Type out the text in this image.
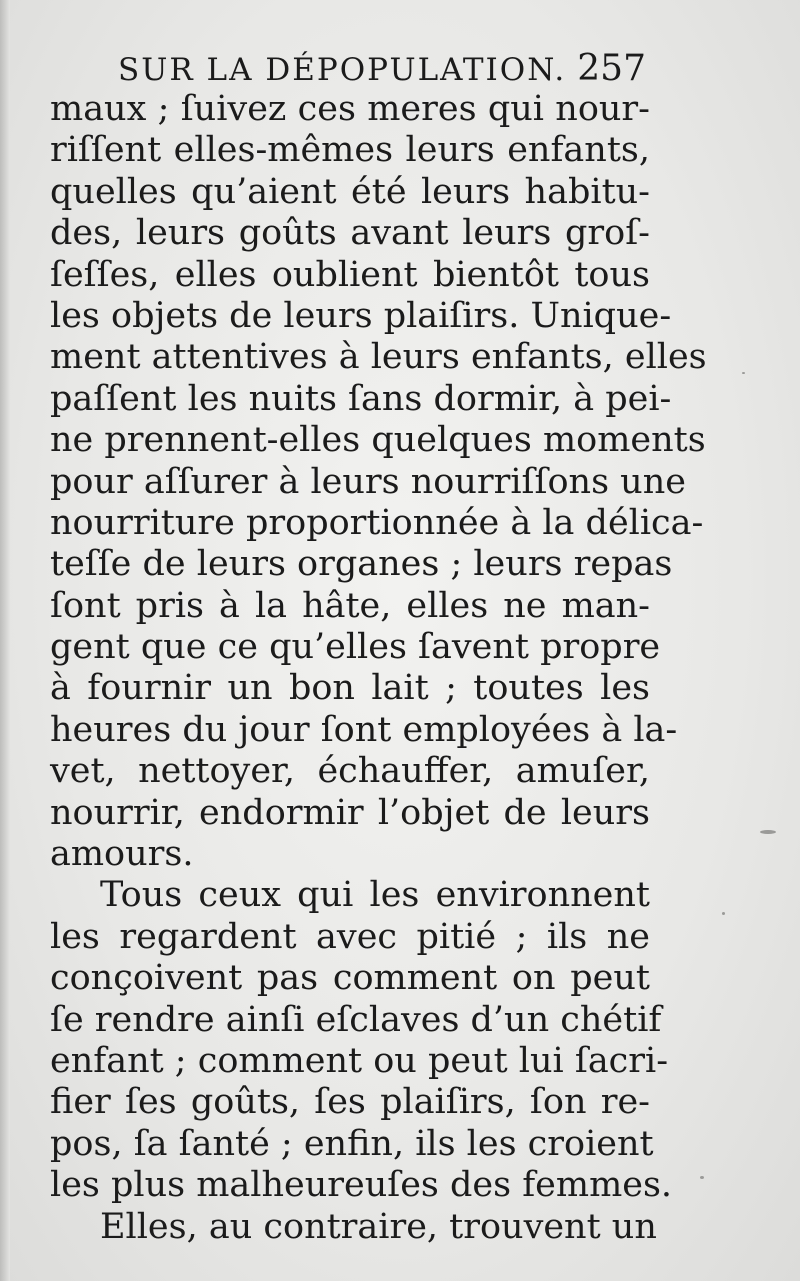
SUR LA DÉPOPULATION. 257
maux ; ſuivez ces meres qui nour-
riſſent elles-mêmes leurs enfants,
quelles qu’aient été leurs habitu-
des, leurs goûts avant leurs groſ-
ſeſſes, elles oublient bientôt tous
les objets de leurs plaiſirs. Unique-
ment attentives à leurs enfants, elles
paſſent les nuits ſans dormir, à pei-
ne prennent-elles quelques moments
pour aſſurer à leurs nourriſſons une
nourriture proportionnée à la délica-
teſſe de leurs organes ; leurs repas
ſont pris à la hâte, elles ne man-
gent que ce qu’elles ſavent propre
à fournir un bon lait ; toutes les
heures du jour ſont employées à la-
vet, nettoyer, échauffer, amuſer,
nourrir, endormir l’objet de leurs
amours.
Tous ceux qui les environnent
les regardent avec pitié ; ils ne
conçoivent pas comment on peut
ſe rendre ainſi eſclaves d’un chétif
enfant ; comment ou peut lui ſacri-
fier ſes goûts, ſes plaiſirs, ſon re-
pos, ſa ſanté ; enfin, ils les croient
les plus malheureuſes des femmes.
Elles, au contraire, trouvent un
